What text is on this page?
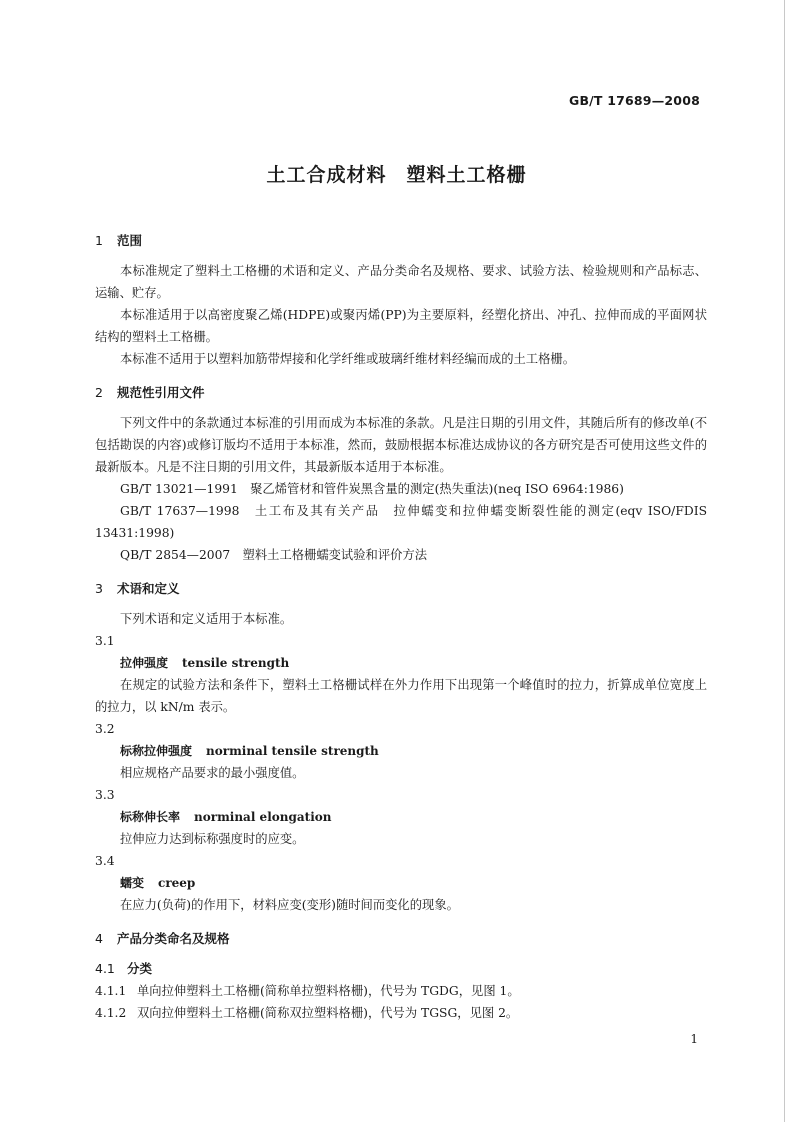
GB/T 17689—2008
土工合成材料　塑料土工格栅
1 范围

本标准规定了塑料土工格栅的术语和定义、产品分类命名及规格、要求、试验方法、检验规则和产品标志、运输、贮存。

本标准适用于以高密度聚乙烯(HDPE)或聚丙烯(PP)为主要原料，经塑化挤出、冲孔、拉伸而成的平面网状结构的塑料土工格栅。

本标准不适用于以塑料加筋带焊接和化学纤维或玻璃纤维材料经编而成的土工格栅。

2 规范性引用文件

下列文件中的条款通过本标准的引用而成为本标准的条款。凡是注日期的引用文件，其随后所有的修改单(不包括勘误的内容)或修订版均不适用于本标准，然而，鼓励根据本标准达成协议的各方研究是否可使用这些文件的最新版本。凡是不注日期的引用文件，其最新版本适用于本标准。

GB/T 13021—1991　聚乙烯管材和管件炭黑含量的测定(热失重法)(neq ISO 6964:1986)

GB/T 17637—1998　土工布及其有关产品　拉伸蠕变和拉伸蠕变断裂性能的测定(eqv ISO/FDIS 13431:1998)

QB/T 2854—2007　塑料土工格栅蠕变试验和评价方法

3 术语和定义

下列术语和定义适用于本标准。

3.1

拉伸强度 tensile strength

在规定的试验方法和条件下，塑料土工格栅试样在外力作用下出现第一个峰值时的拉力，折算成单位宽度上的拉力，以 kN/m 表示。

3.2

标称拉伸强度 norminal tensile strength

相应规格产品要求的最小强度值。

3.3

标称伸长率 norminal elongation

拉伸应力达到标称强度时的应变。

3.4

蠕变 creep

在应力(负荷)的作用下，材料应变(变形)随时间而变化的现象。

4 产品分类命名及规格
4.1 分类

4.1.1 单向拉伸塑料土工格栅(简称单拉塑料格栅)，代号为 TGDG，见图 1。

4.1.2 双向拉伸塑料土工格栅(简称双拉塑料格栅)，代号为 TGSG，见图 2。

1
